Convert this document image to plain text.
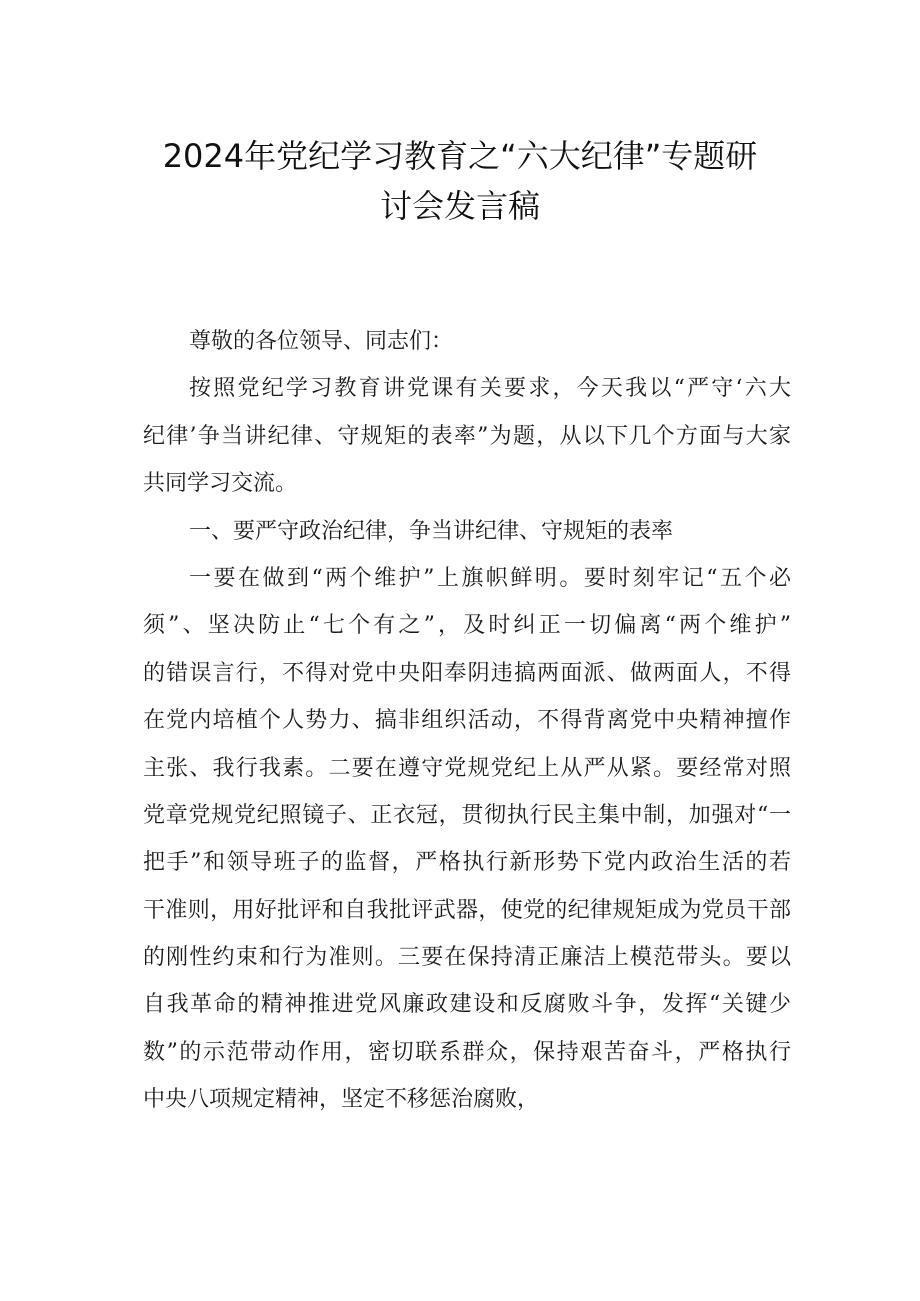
2024年党纪学习教育之“六大纪律”专题研
讨会发言稿
尊敬的各位领导、同志们：
按照党纪学习教育讲党课有关要求，今天我以“严守‘六大
纪律’争当讲纪律、守规矩的表率”为题，从以下几个方面与大家
共同学习交流。
一、要严守政治纪律，争当讲纪律、守规矩的表率
一要在做到“两个维护”上旗帜鲜明。要时刻牢记“五个必
须”、坚决防止“七个有之”，及时纠正一切偏离“两个维护”
的错误言行，不得对党中央阳奉阴违搞两面派、做两面人，不得
在党内培植个人势力、搞非组织活动，不得背离党中央精神擅作
主张、我行我素。二要在遵守党规党纪上从严从紧。要经常对照
党章党规党纪照镜子、正衣冠，贯彻执行民主集中制，加强对“一
把手”和领导班子的监督，严格执行新形势下党内政治生活的若
干准则，用好批评和自我批评武器，使党的纪律规矩成为党员干部
的刚性约束和行为准则。三要在保持清正廉洁上模范带头。要以
自我革命的精神推进党风廉政建设和反腐败斗争，发挥“关键少
数”的示范带动作用，密切联系群众，保持艰苦奋斗，严格执行
中央八项规定精神，坚定不移惩治腐败，
